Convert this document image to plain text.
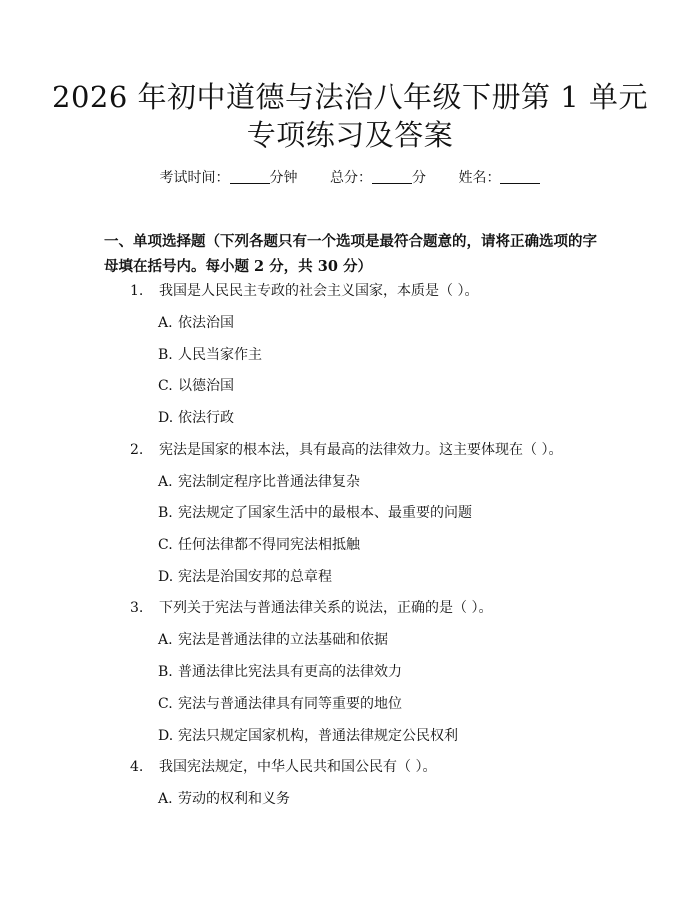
2026 年初中道德与法治八年级下册第 1 单元
专项练习及答案
考试时间：	分钟 总分：	分 姓名：

一、单项选择题（下列各题只有一个选项是最符合题意的，请将正确选项的字母填在括号内。每小题 2 分，共 30 分）

1. 我国是人民民主专政的社会主义国家，本质是（ ）。
A. 依法治国
B. 人民当家作主
C. 以德治国
D. 依法行政
2. 宪法是国家的根本法，具有最高的法律效力。这主要体现在（ ）。
A. 宪法制定程序比普通法律复杂
B. 宪法规定了国家生活中的最根本、最重要的问题
C. 任何法律都不得同宪法相抵触
D. 宪法是治国安邦的总章程
3. 下列关于宪法与普通法律关系的说法，正确的是（ ）。
A. 宪法是普通法律的立法基础和依据
B. 普通法律比宪法具有更高的法律效力
C. 宪法与普通法律具有同等重要的地位
D. 宪法只规定国家机构，普通法律规定公民权利
4. 我国宪法规定，中华人民共和国公民有（ ）。
A. 劳动的权利和义务
